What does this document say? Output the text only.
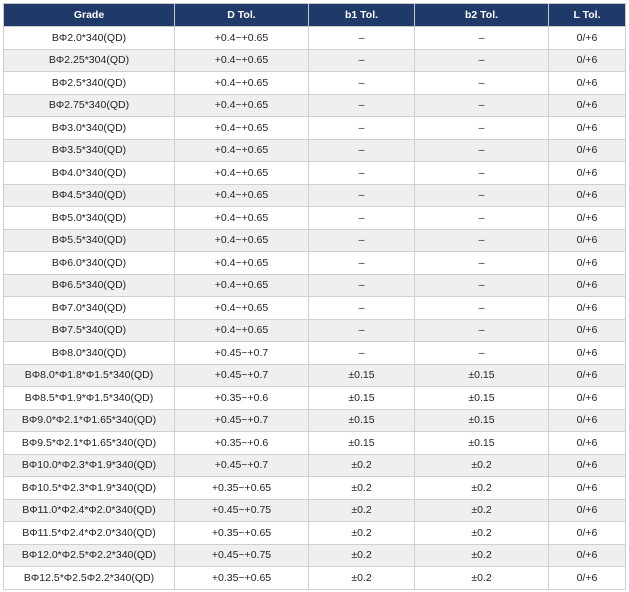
Grade	D Tol.	b1 Tol.	b2 Tol.	L Tol.
BΦ2.0*340(QD)	+0.4~+0.65	–	–	0/+6
BΦ2.25*304(QD)	+0.4~+0.65	–	–	0/+6
BΦ2.5*340(QD)	+0.4~+0.65	–	–	0/+6
BΦ2.75*340(QD)	+0.4~+0.65	–	–	0/+6
BΦ3.0*340(QD)	+0.4~+0.65	–	–	0/+6
BΦ3.5*340(QD)	+0.4~+0.65	–	–	0/+6
BΦ4.0*340(QD)	+0.4~+0.65	–	–	0/+6
BΦ4.5*340(QD)	+0.4~+0.65	–	–	0/+6
BΦ5.0*340(QD)	+0.4~+0.65	–	–	0/+6
BΦ5.5*340(QD)	+0.4~+0.65	–	–	0/+6
BΦ6.0*340(QD)	+0.4~+0.65	–	–	0/+6
BΦ6.5*340(QD)	+0.4~+0.65	–	–	0/+6
BΦ7.0*340(QD)	+0.4~+0.65	–	–	0/+6
BΦ7.5*340(QD)	+0.4~+0.65	–	–	0/+6
BΦ8.0*340(QD)	+0.45~+0.7	–	–	0/+6
BΦ8.0*Φ1.8*Φ1.5*340(QD)	+0.45~+0.7	±0.15	±0.15	0/+6
BΦ8.5*Φ1.9*Φ1.5*340(QD)	+0.35~+0.6	±0.15	±0.15	0/+6
BΦ9.0*Φ2.1*Φ1.65*340(QD)	+0.45~+0.7	±0.15	±0.15	0/+6
BΦ9.5*Φ2.1*Φ1.65*340(QD)	+0.35~+0.6	±0.15	±0.15	0/+6
BΦ10.0*Φ2.3*Φ1.9*340(QD)	+0.45~+0.7	±0.2	±0.2	0/+6
BΦ10.5*Φ2.3*Φ1.9*340(QD)	+0.35~+0.65	±0.2	±0.2	0/+6
BΦ11.0*Φ2.4*Φ2.0*340(QD)	+0.45~+0.75	±0.2	±0.2	0/+6
BΦ11.5*Φ2.4*Φ2.0*340(QD)	+0.35~+0.65	±0.2	±0.2	0/+6
BΦ12.0*Φ2.5*Φ2.2*340(QD)	+0.45~+0.75	±0.2	±0.2	0/+6
BΦ12.5*Φ2.5Φ2.2*340(QD)	+0.35~+0.65	±0.2	±0.2	0/+6
